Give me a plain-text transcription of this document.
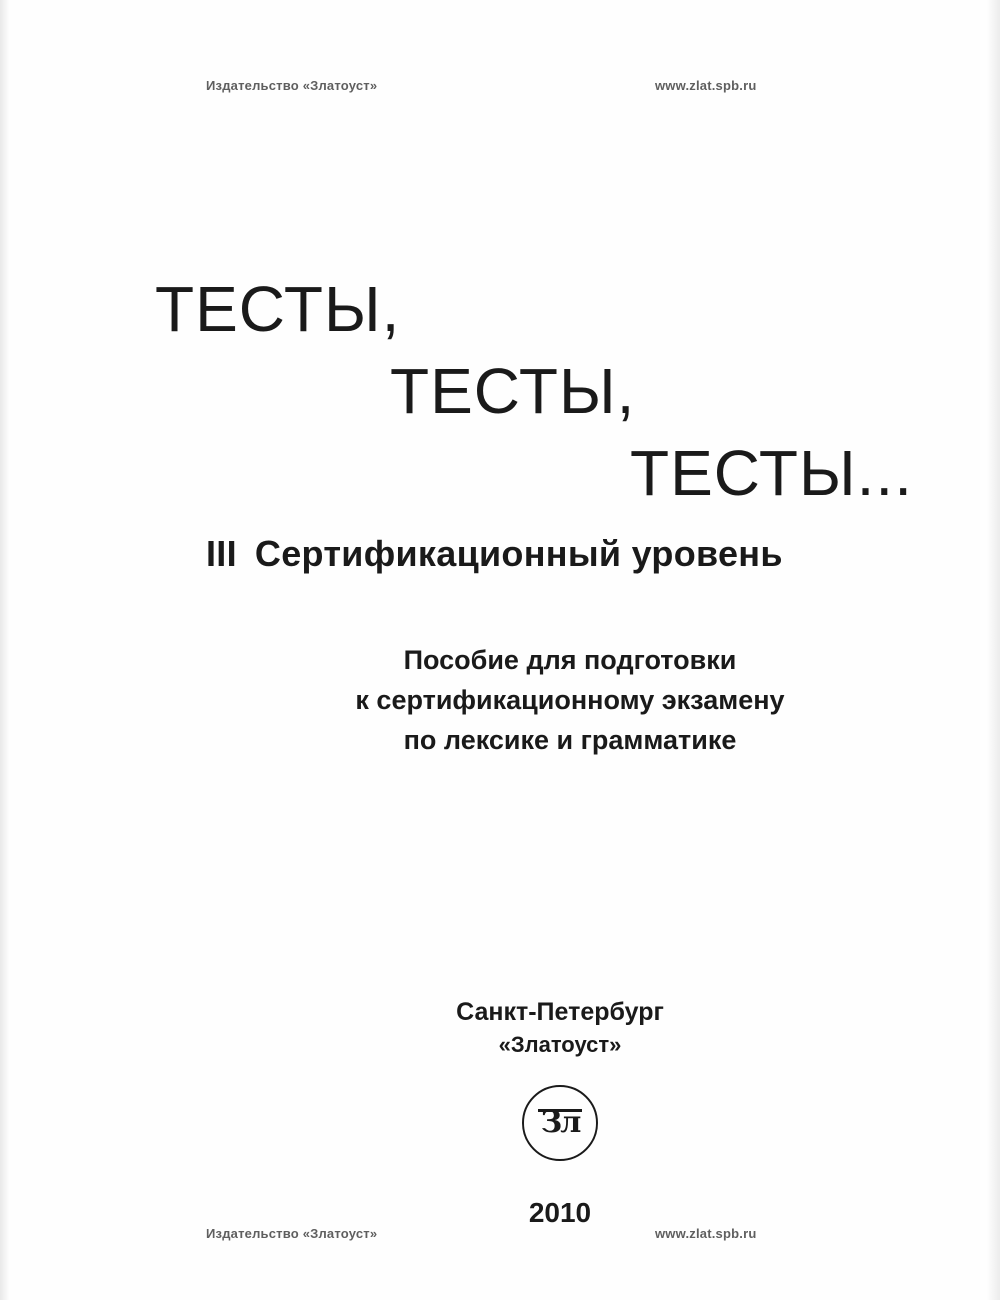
Издательство «Златоуст»	www.zlat.spb.ru
ТЕСТЫ,
ТЕСТЫ,
ТЕСТЫ...
III Сертификационный уровень
Пособие для подготовки
к сертификационному экзамену
по лексике и грамматике
Санкт-Петербург
«Златоуст»
Зл
2010
Издательство «Златоуст»	www.zlat.spb.ru
